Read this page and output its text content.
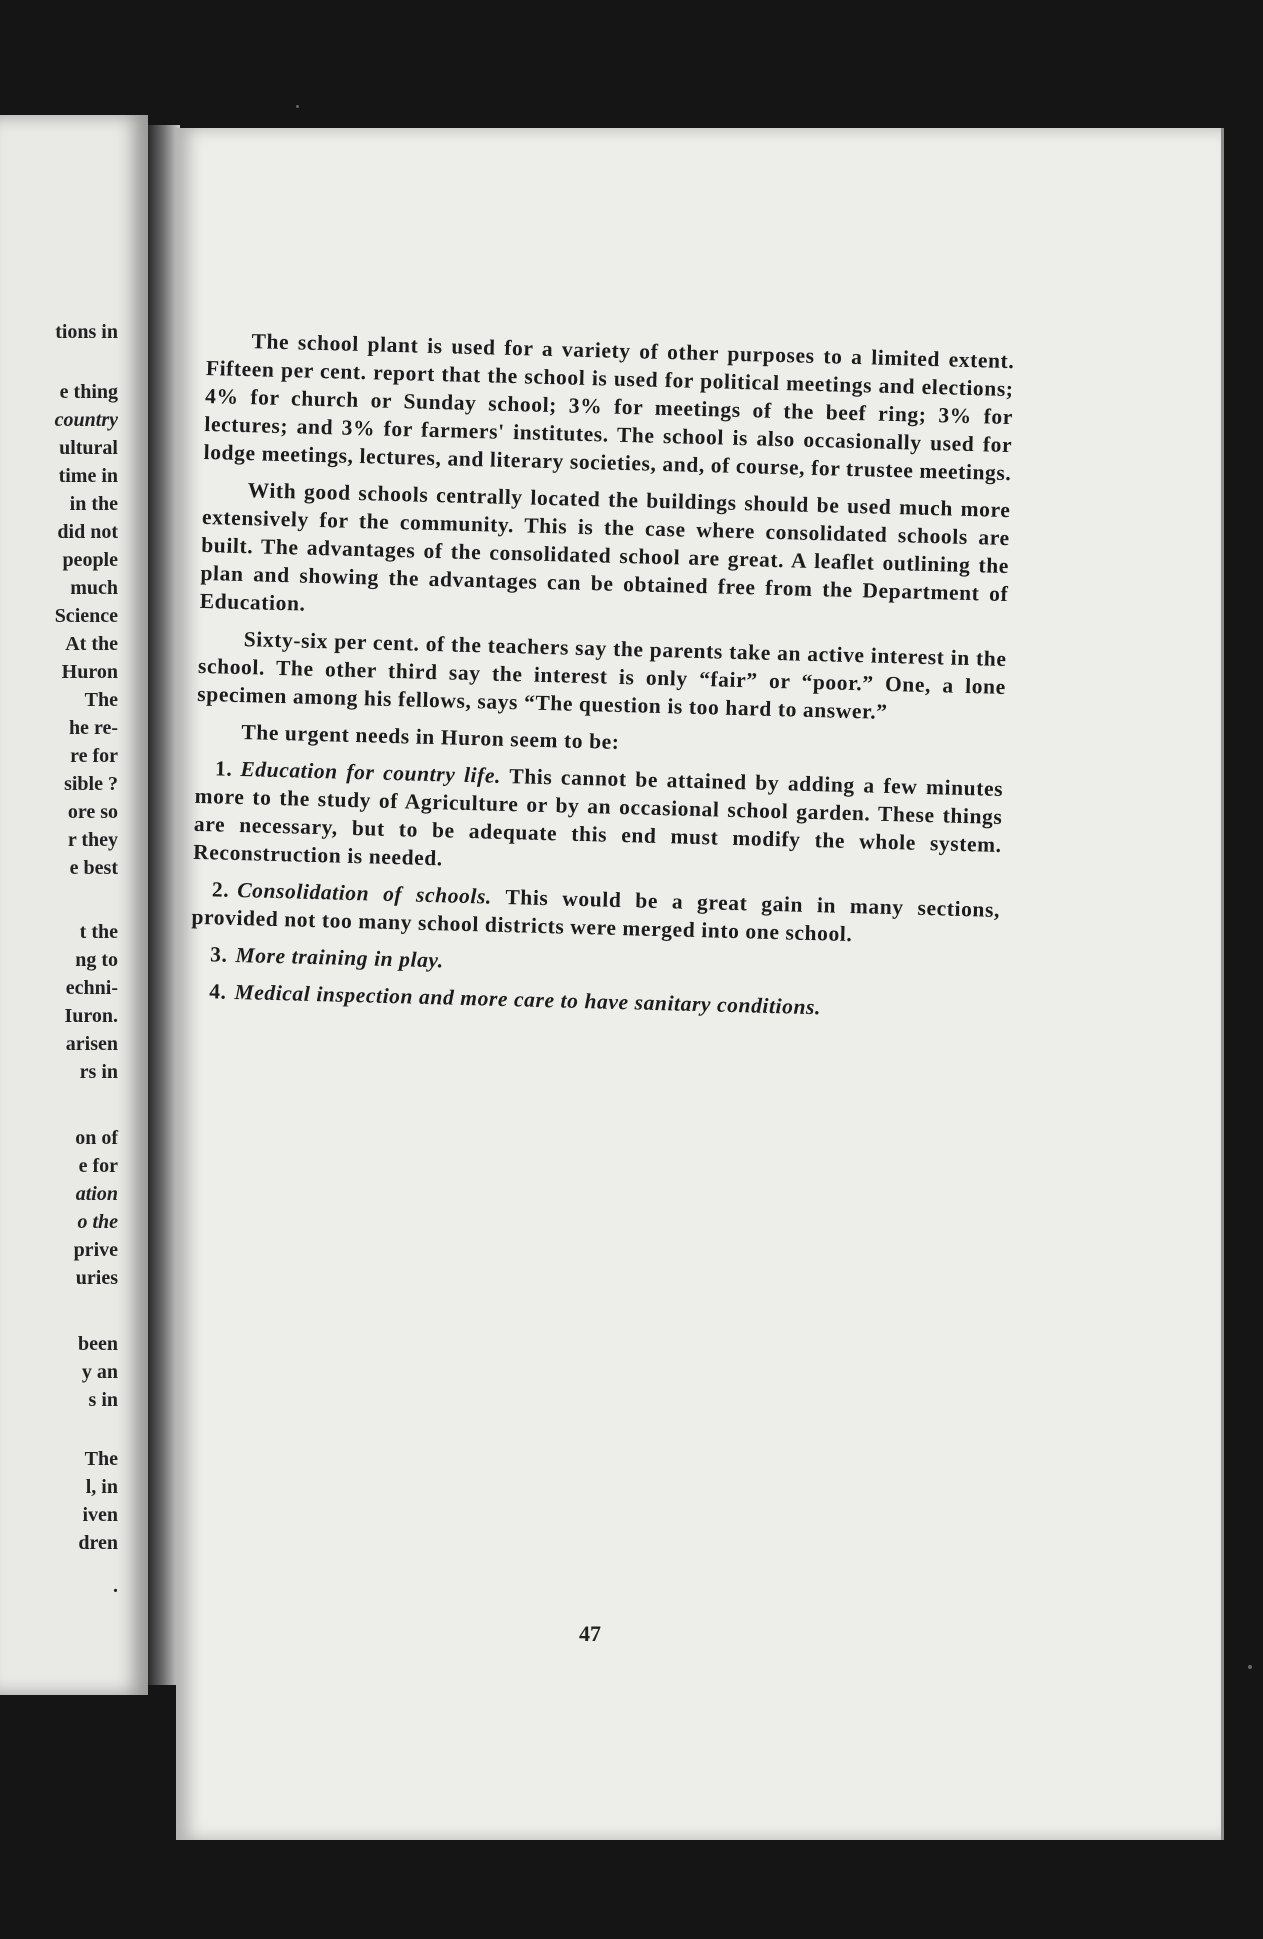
tions in
e thing
country
ultural
time in
in the
did not
people
much
Science
At the
Huron
The
he re-
re for
sible ?
ore so
r they
e best
t the
ng to
echni-
Iuron.
arisen
rs in
on of
e for
ation
o the
prive
uries
been
y an
s in
The
l, in
iven
dren
.

The school plant is used for a variety of other purposes to a limited extent. Fifteen per cent. report that the school is used for political meetings and elections; 4% for church or Sunday school; 3% for meetings of the beef ring; 3% for lectures; and 3% for farmers' institutes. The school is also occasionally used for lodge meetings, lectures, and literary societies, and, of course, for trustee meetings.

With good schools centrally located the buildings should be used much more extensively for the community. This is the case where consolidated schools are built. The advantages of the consolidated school are great. A leaflet outlining the plan and showing the advantages can be obtained free from the Department of Education.

Sixty-six per cent. of the teachers say the parents take an active interest in the school. The other third say the interest is only “fair” or “poor.” One, a lone specimen among his fellows, says “The question is too hard to answer.”

The urgent needs in Huron seem to be:

1. Education for country life. This cannot be attained by adding a few minutes more to the study of Agriculture or by an occasional school garden. These things are necessary, but to be adequate this end must modify the whole system. Reconstruction is needed.
2. Consolidation of schools. This would be a great gain in many sections, provided not too many school districts were merged into one school.
3. More training in play.
4. Medical inspection and more care to have sanitary conditions.
47
